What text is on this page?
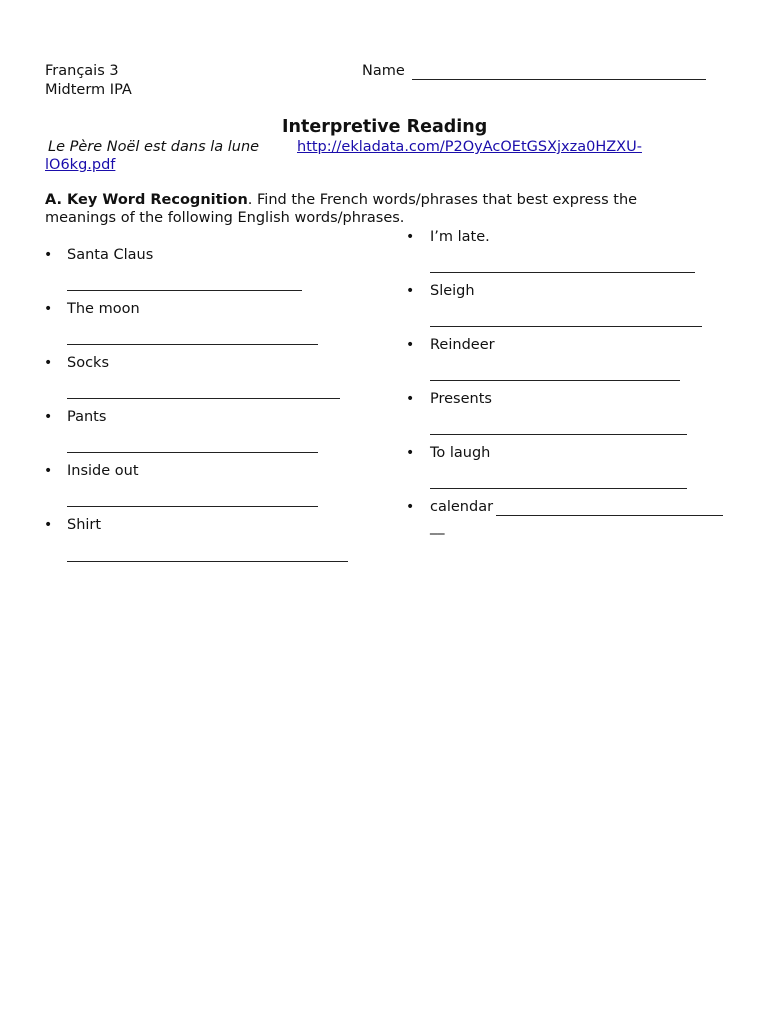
Français 3
Midterm IPA
Name
Interpretive Reading
Le Père Noël est dans la lune	http://ekladata.com/P2OyAcOEtGSXjxza0HZXU-
lO6kg.pdf
A. Key Word Recognition. Find the French words/phrases that best express the
meanings of the following English words/phrases.
• Santa Claus
• The moon
• Socks
• Pants
• Inside out
• Shirt
• I’m late.
• Sleigh
• Reindeer
• Presents
• To laugh
• calendar
__
